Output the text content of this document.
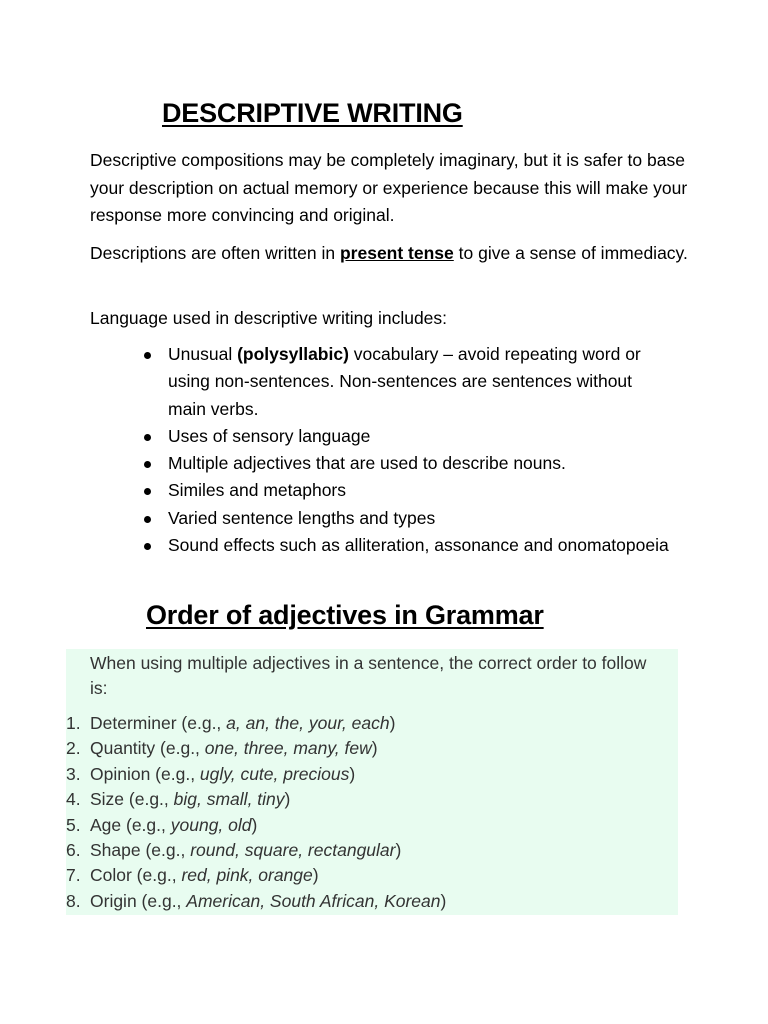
DESCRIPTIVE WRITING

Descriptive compositions may be completely imaginary, but it is safer to base your description on actual memory or experience because this will make your response more convincing and original.

Descriptions are often written in present tense to give a sense of immediacy.

Language used in descriptive writing includes:

Unusual (polysyllabic) vocabulary – avoid repeating word or using non-sentences. Non-sentences are sentences without main verbs.
Uses of sensory language
Multiple adjectives that are used to describe nouns.
Similes and metaphors
Varied sentence lengths and types
Sound effects such as alliteration, assonance and onomatopoeia
Order of adjectives in Grammar

When using multiple adjectives in a sentence, the correct order to follow is:

1. Determiner (e.g., a, an, the, your, each)
2. Quantity (e.g., one, three, many, few)
3. Opinion (e.g., ugly, cute, precious)
4. Size (e.g., big, small, tiny)
5. Age (e.g., young, old)
6. Shape (e.g., round, square, rectangular)
7. Color (e.g., red, pink, orange)
8. Origin (e.g., American, South African, Korean)
